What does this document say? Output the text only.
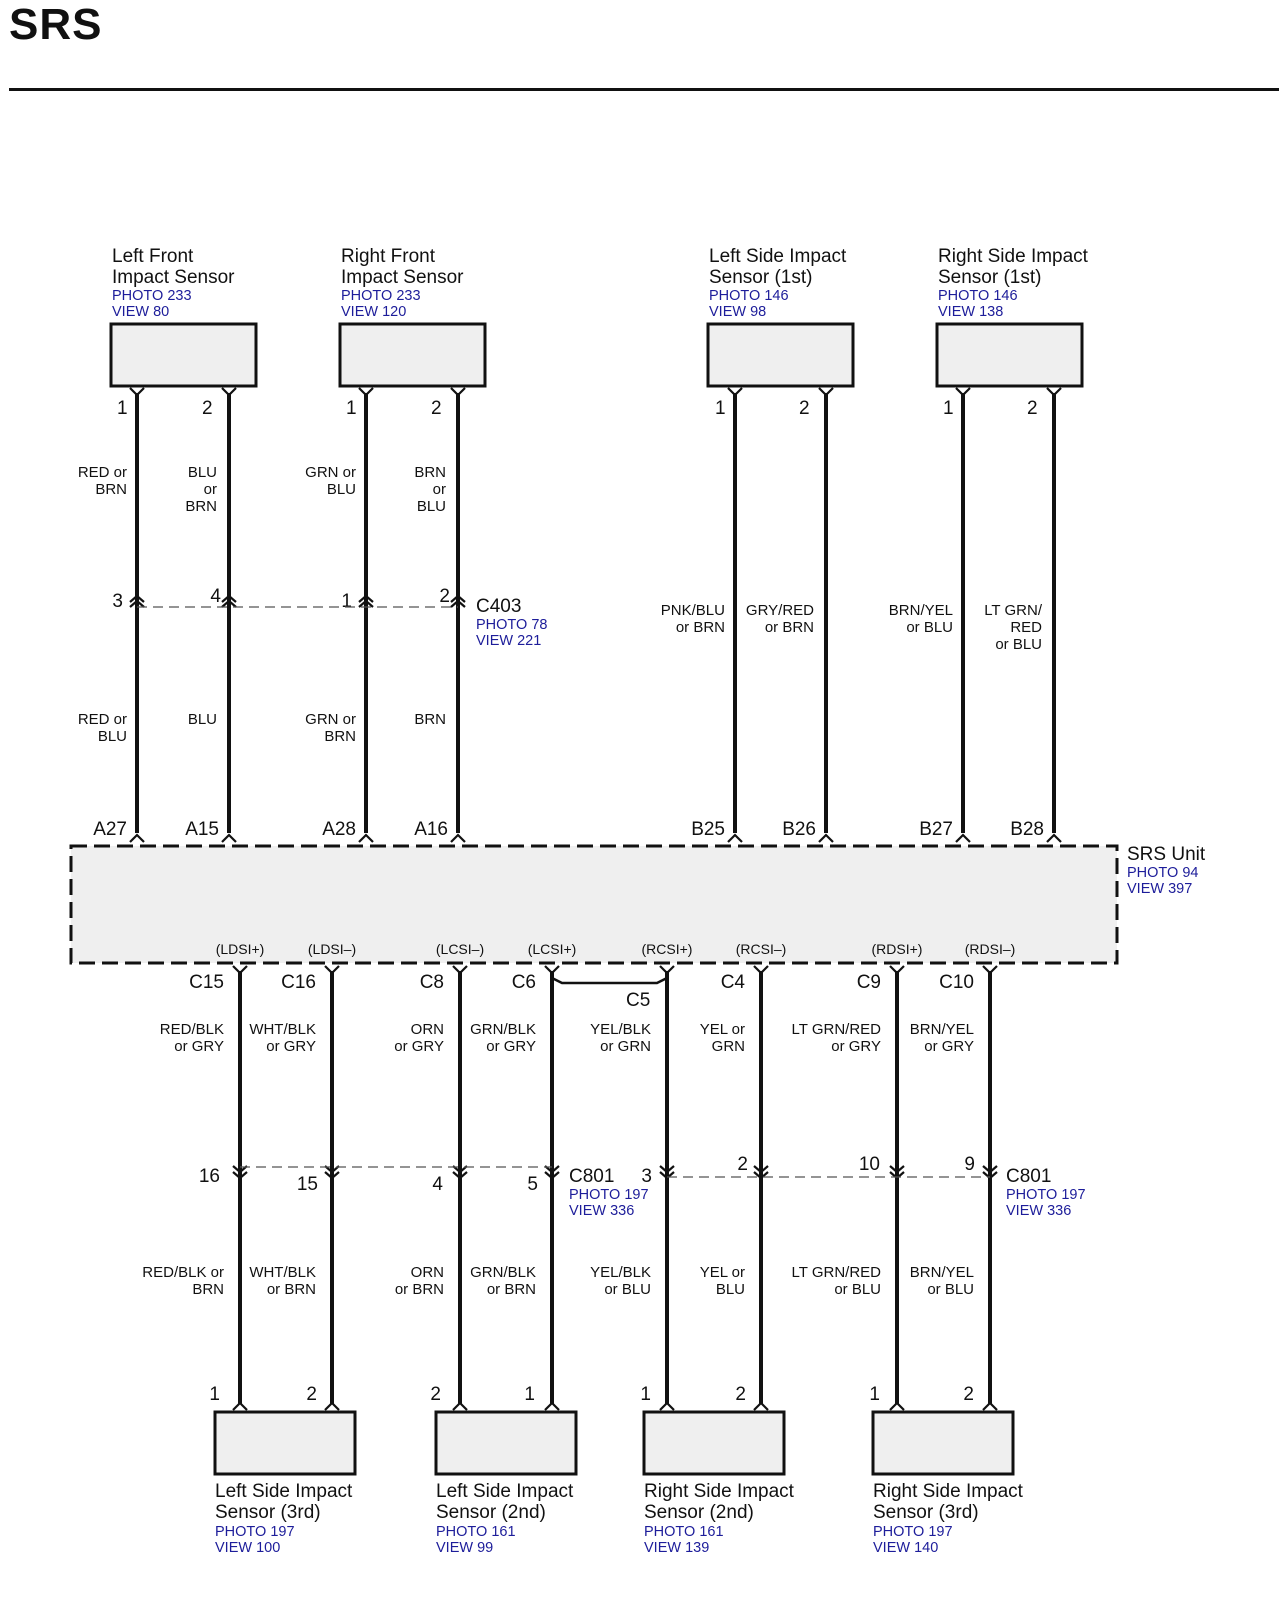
SRS
Left Front
Impact Sensor
PHOTO 233
VIEW 80
1	2
A27	A15
RED or
BRN
BLU
or
BRN
RED or
BLU
BLU
3	4
Right Front
Impact Sensor
PHOTO 233
VIEW 120
1	2
A28	A16
GRN or
BLU
BRN
or
BLU
GRN or
BRN
BRN
1	2
Left Side Impact
Sensor (1st)
PHOTO 146
VIEW 98
1	2
B25	B26
PNK/BLU
or BRN
GRY/RED
or BRN
Right Side Impact
Sensor (1st)
PHOTO 146
VIEW 138
1	2
B27	B28
BRN/YEL
or BLU
LT GRN/
RED
or BLU
C403
PHOTO 78
VIEW 221
SRS Unit
PHOTO 94
VIEW 397
(LDSI+)
C15
RED/BLK
or GRY
RED/BLK or
BRN
(LDSI–)
C16
WHT/BLK
or GRY
WHT/BLK
or BRN
(LCSI–)
C8
ORN
or GRY
ORN
or BRN
(LCSI+)
C6
GRN/BLK
or GRY
GRN/BLK
or BRN
(RCSI+)
YEL/BLK
or GRN
YEL/BLK
or BLU
(RCSI–)
C4
YEL or
GRN
YEL or
BLU
(RDSI+)
C9
LT GRN/RED
or GRY
LT GRN/RED
or BLU
(RDSI–)
C10
BRN/YEL
or GRY
BRN/YEL
or BLU
C5
16	15	4	5	3
2	10	9
C801
PHOTO 197
VIEW 336
C801
PHOTO 197
VIEW 336
1	2	2	1	1	2	1	2
Left Side Impact
Sensor (3rd)
PHOTO 197
VIEW 100
Left Side Impact
Sensor (2nd)
PHOTO 161
VIEW 99
Right Side Impact
Sensor (2nd)
PHOTO 161
VIEW 139
Right Side Impact
Sensor (3rd)
PHOTO 197
VIEW 140
